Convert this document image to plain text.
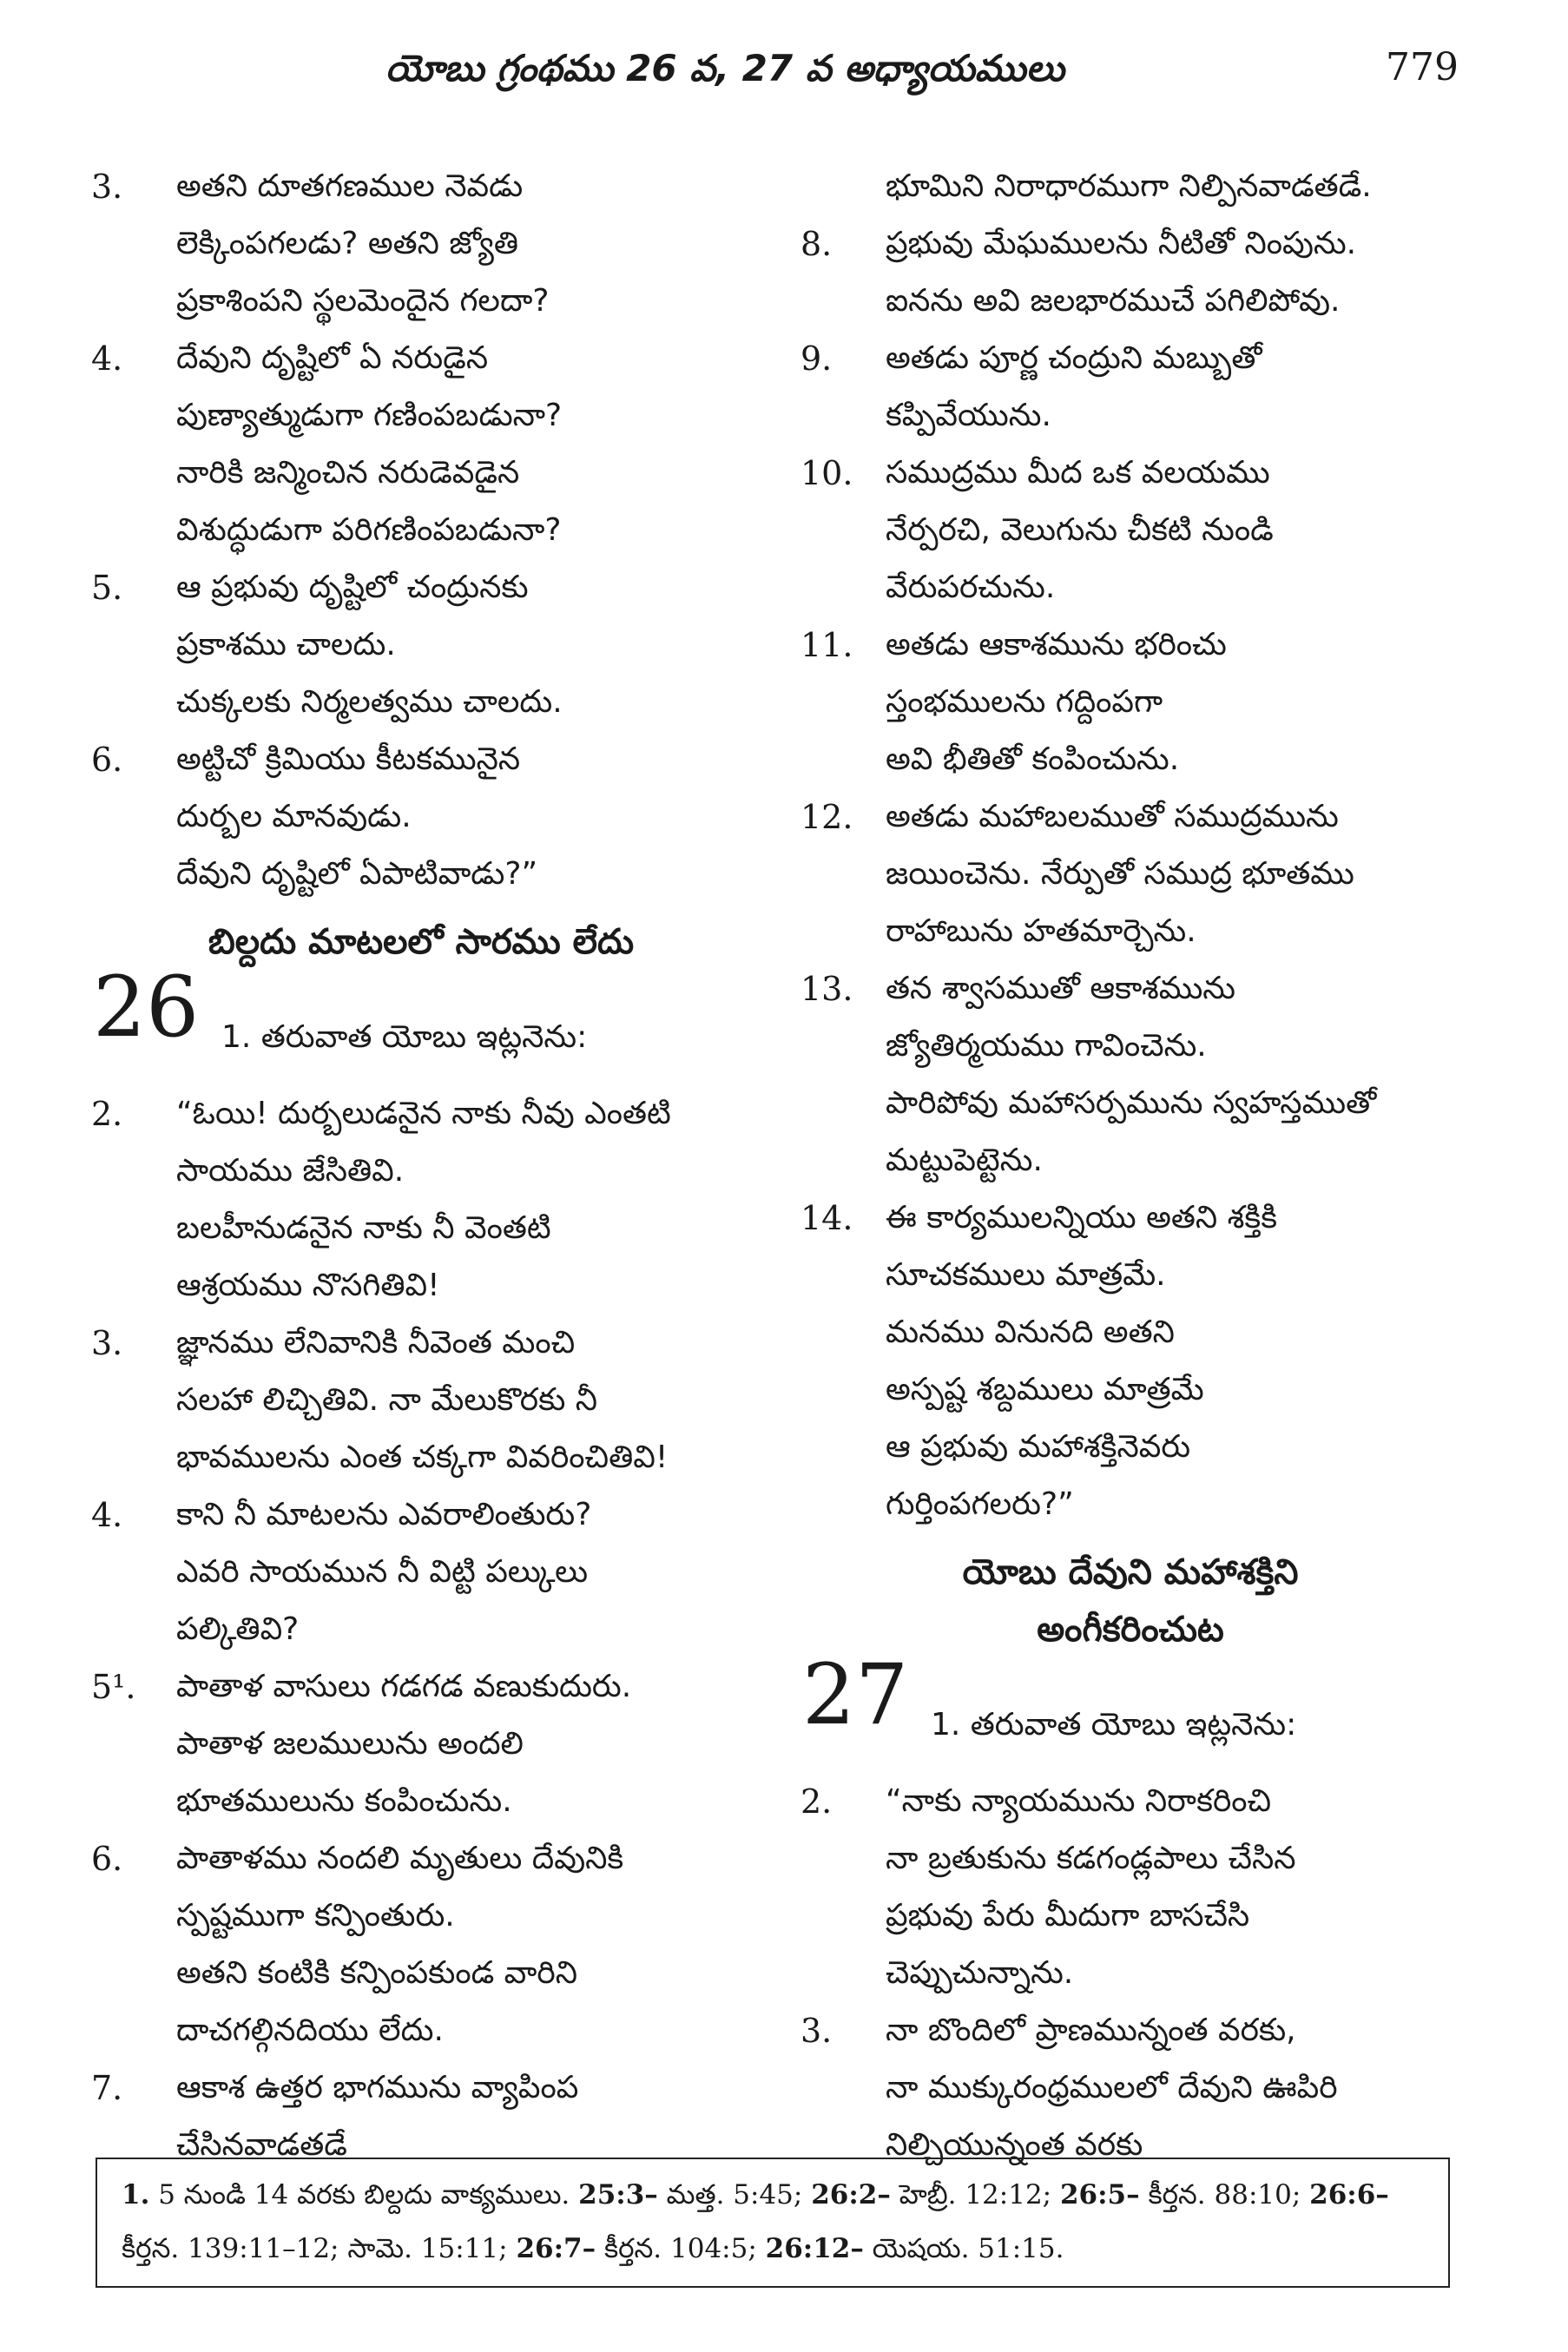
యోబు గ్రంథము 26 వ, 27 వ అధ్యాయములు	779
3. అతని దూతగణముల నెవడు
లెక్కింపగలడు? అతని జ్యోతి
ప్రకాశింపని స్థలమెందైన గలదా?
4. దేవుని దృష్టిలో ఏ నరుడైన
పుణ్యాత్ముడుగా గణింపబడునా?
నారికి జన్మించిన నరుడెవడైన
విశుద్ధుడుగా పరిగణింపబడునా?
5. ఆ ప్రభువు దృష్టిలో చంద్రునకు
ప్రకాశము చాలదు.
చుక్కలకు నిర్మలత్వము చాలదు.
6. అట్టిచో క్రిమియు కీటకమునైన
దుర్బల మానవుడు.
దేవుని దృష్టిలో ఏపాటివాడు?”
బిల్దదు మాటలలో సారము లేదు
26 1. తరువాత యోబు ఇట్లనెను:
2. “ఓయి! దుర్బలుడనైన నాకు నీవు ఎంతటి
సాయము జేసితివి.
బలహీనుడనైన నాకు నీ వెంతటి
ఆశ్రయము నొసగితివి!
3. జ్ఞానము లేనివానికి నీవెంత మంచి
సలహా లిచ్చితివి. నా మేలుకొరకు నీ
భావములను ఎంత చక్కగా వివరించితివి!
4. కాని నీ మాటలను ఎవరాలింతురు?
ఎవరి సాయమున నీ విట్టి పల్కులు
పల్కితివి?
5¹. పాతాళ వాసులు గడగడ వణుకుదురు.
పాతాళ జలములును అందలి
భూతములును కంపించును.
6. పాతాళము నందలి మృతులు దేవునికి
స్పష్టముగా కన్పింతురు.
అతని కంటికి కన్పింపకుండ వారిని
దాచగల్గినదియు లేదు.
7. ఆకాశ ఉత్తర భాగమును వ్యాపింప
చేసినవాడతడే
భూమిని నిరాధారముగా నిల్పినవాడతడే.
8. ప్రభువు మేఘములను నీటితో నింపును.
ఐనను అవి జలభారముచే పగిలిపోవు.
9. అతడు పూర్ణ చంద్రుని మబ్బుతో
కప్పివేయును.
10. సముద్రము మీద ఒక వలయము
నేర్పరచి, వెలుగును చీకటి నుండి
వేరుపరచును.
11. అతడు ఆకాశమును భరించు
స్తంభములను గద్దింపగా
అవి భీతితో కంపించును.
12. అతడు మహాబలముతో సముద్రమును
జయించెను. నేర్పుతో సముద్ర భూతము
రాహాబును హతమార్చెను.
13. తన శ్వాసముతో ఆకాశమును
జ్యోతిర్మయము గావించెను.
పారిపోవు మహాసర్పమును స్వహస్తముతో
మట్టుపెట్టెను.
14. ఈ కార్యములన్నియు అతని శక్తికి
సూచకములు మాత్రమే.
మనము వినునది అతని
అస్పష్ట శబ్దములు మాత్రమే
ఆ ప్రభువు మహాశక్తినెవరు
గుర్తింపగలరు?”
యోబు దేవుని మహాశక్తిని
అంగీకరించుట
27 1. తరువాత యోబు ఇట్లనెను:
2. “నాకు న్యాయమును నిరాకరించి
నా బ్రతుకును కడగండ్లపాలు చేసిన
ప్రభువు పేరు మీదుగా బాసచేసి
చెప్పుచున్నాను.
3. నా బొందిలో ప్రాణమున్నంత వరకు,
నా ముక్కురంధ్రములలో దేవుని ఊపిరి
నిల్చియున్నంత వరకు
1. 5 నుండి 14 వరకు బిల్దదు వాక్యములు. 25:3– మత్త. 5:45; 26:2– హెబ్రీ. 12:12; 26:5– కీర్తన. 88:10; 26:6– కీర్తన. 139:11–12; సామె. 15:11; 26:7– కీర్తన. 104:5; 26:12– యెషయ. 51:15.
